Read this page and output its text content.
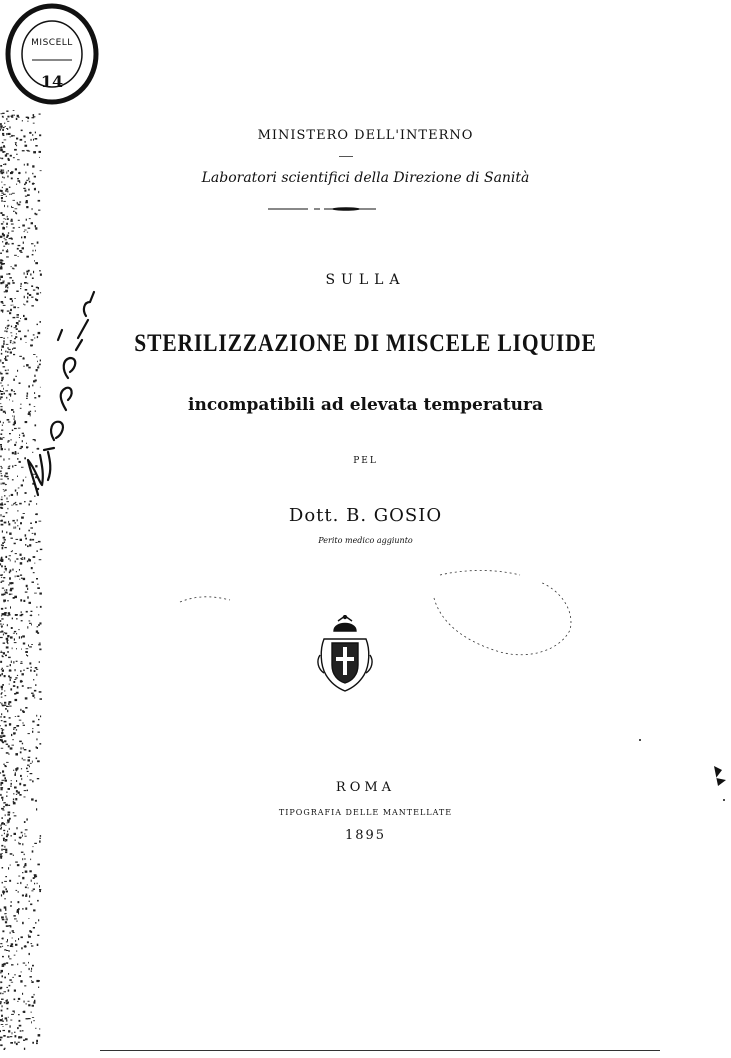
MISCELL
14
MINISTERO DELL'INTERNO
Laboratori scientifici della Direzione di Sanità
SULLA
STERILIZZAZIONE DI MISCELE LIQUIDE
incompatibili ad elevata temperatura
PEL
Dott. B. GOSIO
Perito medico aggiunto
ROMA
TIPOGRAFIA DELLE MANTELLATE
1895
